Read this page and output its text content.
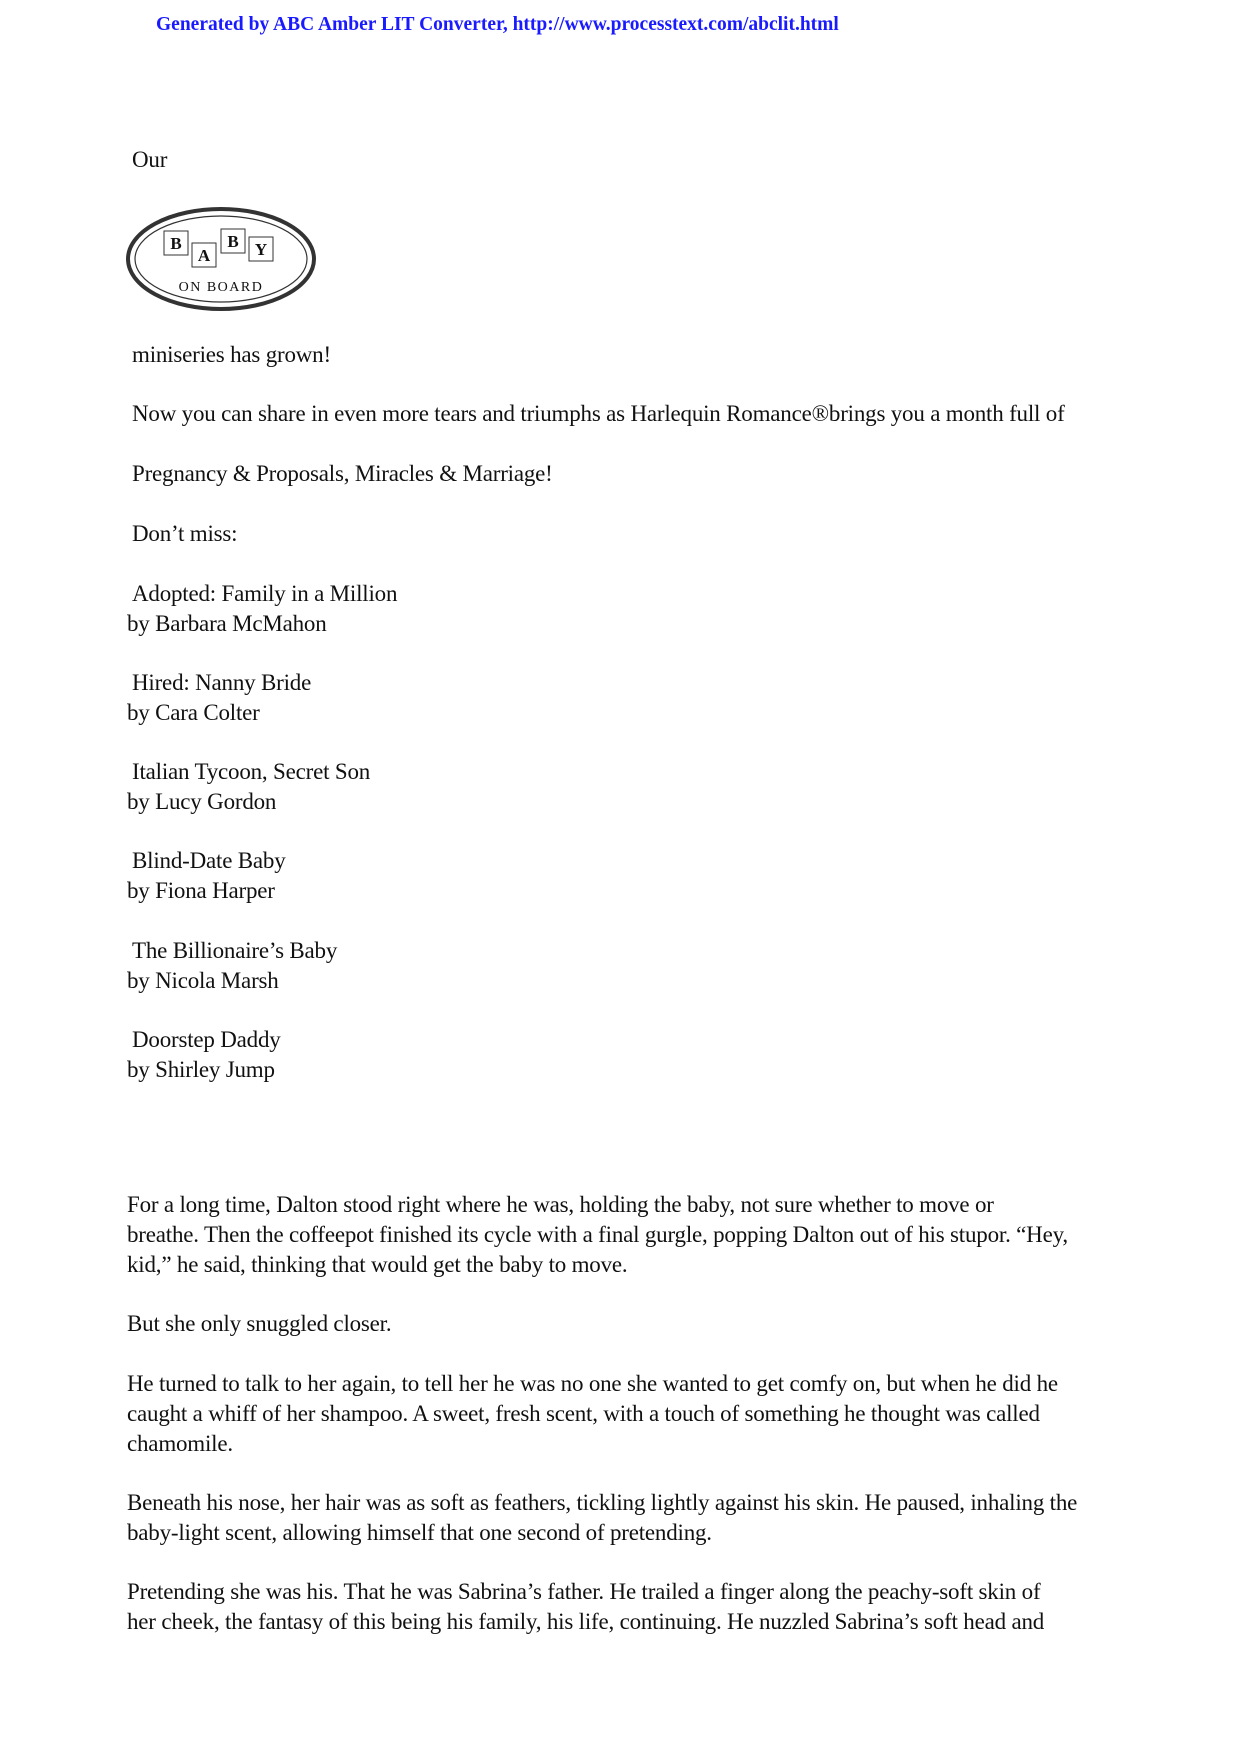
Generated by ABC Amber LIT Converter, http://www.processtext.com/abclit.html
Our
B
A
B Y
ON BOARD
miniseries has grown!
Now you can share in even more tears and triumphs as Harlequin Romance®brings you a month full of
Pregnancy & Proposals, Miracles & Marriage!
Don’t miss:
Adopted: Family in a Million
by Barbara McMahon
Hired: Nanny Bride
by Cara Colter
Italian Tycoon, Secret Son
by Lucy Gordon
Blind-Date Baby
by Fiona Harper
The Billionaire’s Baby
by Nicola Marsh
Doorstep Daddy
by Shirley Jump
For a long time, Dalton stood right where he was, holding the baby, not sure whether to move or
breathe. Then the coffeepot finished its cycle with a final gurgle, popping Dalton out of his stupor. “Hey,
kid,” he said, thinking that would get the baby to move.
But she only snuggled closer.
He turned to talk to her again, to tell her he was no one she wanted to get comfy on, but when he did he
caught a whiff of her shampoo. A sweet, fresh scent, with a touch of something he thought was called
chamomile.
Beneath his nose, her hair was as soft as feathers, tickling lightly against his skin. He paused, inhaling the
baby-light scent, allowing himself that one second of pretending.
Pretending she was his. That he was Sabrina’s father. He trailed a finger along the peachy-soft skin of
her cheek, the fantasy of this being his family, his life, continuing. He nuzzled Sabrina’s soft head and
